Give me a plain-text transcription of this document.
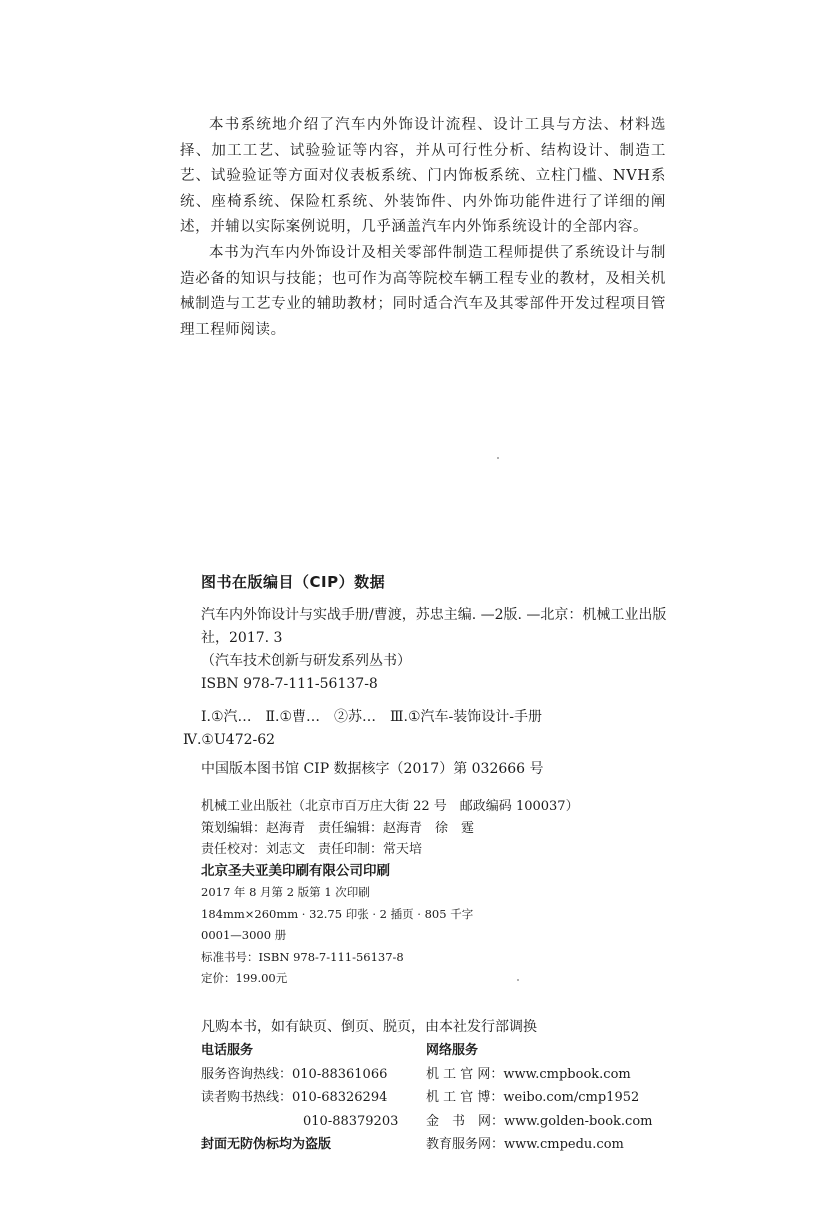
本书系统地介绍了汽车内外饰设计流程、设计工具与方法、材料选择、加工工艺、试验验证等内容，并从可行性分析、结构设计、制造工艺、试验验证等方面对仪表板系统、门内饰板系统、立柱门槛、NVH系统、座椅系统、保险杠系统、外装饰件、内外饰功能件进行了详细的阐述，并辅以实际案例说明，几乎涵盖汽车内外饰系统设计的全部内容。

本书为汽车内外饰设计及相关零部件制造工程师提供了系统设计与制造必备的知识与技能；也可作为高等院校车辆工程专业的教材，及相关机械制造与工艺专业的辅助教材；同时适合汽车及其零部件开发过程项目管理工程师阅读。

图书在版编目（CIP）数据
汽车内外饰设计与实战手册/曹渡，苏忠主编. —2版. —北京：机械工业出版社，2017. 3
（汽车技术创新与研发系列丛书）
ISBN 978-7-111-56137-8
Ⅰ.①汽…　Ⅱ.①曹…　②苏…　Ⅲ.①汽车-装饰设计-手册
Ⅳ.①U472-62
中国版本图书馆 CIP 数据核字（2017）第 032666 号
机械工业出版社（北京市百万庄大街 22 号　邮政编码 100037）
策划编辑：赵海青　责任编辑：赵海青　徐　霆
责任校对：刘志文　责任印制：常天培
北京圣夫亚美印刷有限公司印刷
2017 年 8 月第 2 版第 1 次印刷
184mm×260mm · 32.75 印张 · 2 插页 · 805 千字
0001—3000 册
标准书号：ISBN 978-7-111-56137-8
定价：199.00元
凡购本书，如有缺页、倒页、脱页，由本社发行部调换
电话服务
服务咨询热线：010-88361066
读者购书热线：010-68326294
010-88379203
封面无防伪标均为盗版
网络服务
机 工 官 网：www.cmpbook.com
机 工 官 博：weibo.com/cmp1952
金　书　网：www.golden-book.com
教育服务网：www.cmpedu.com
